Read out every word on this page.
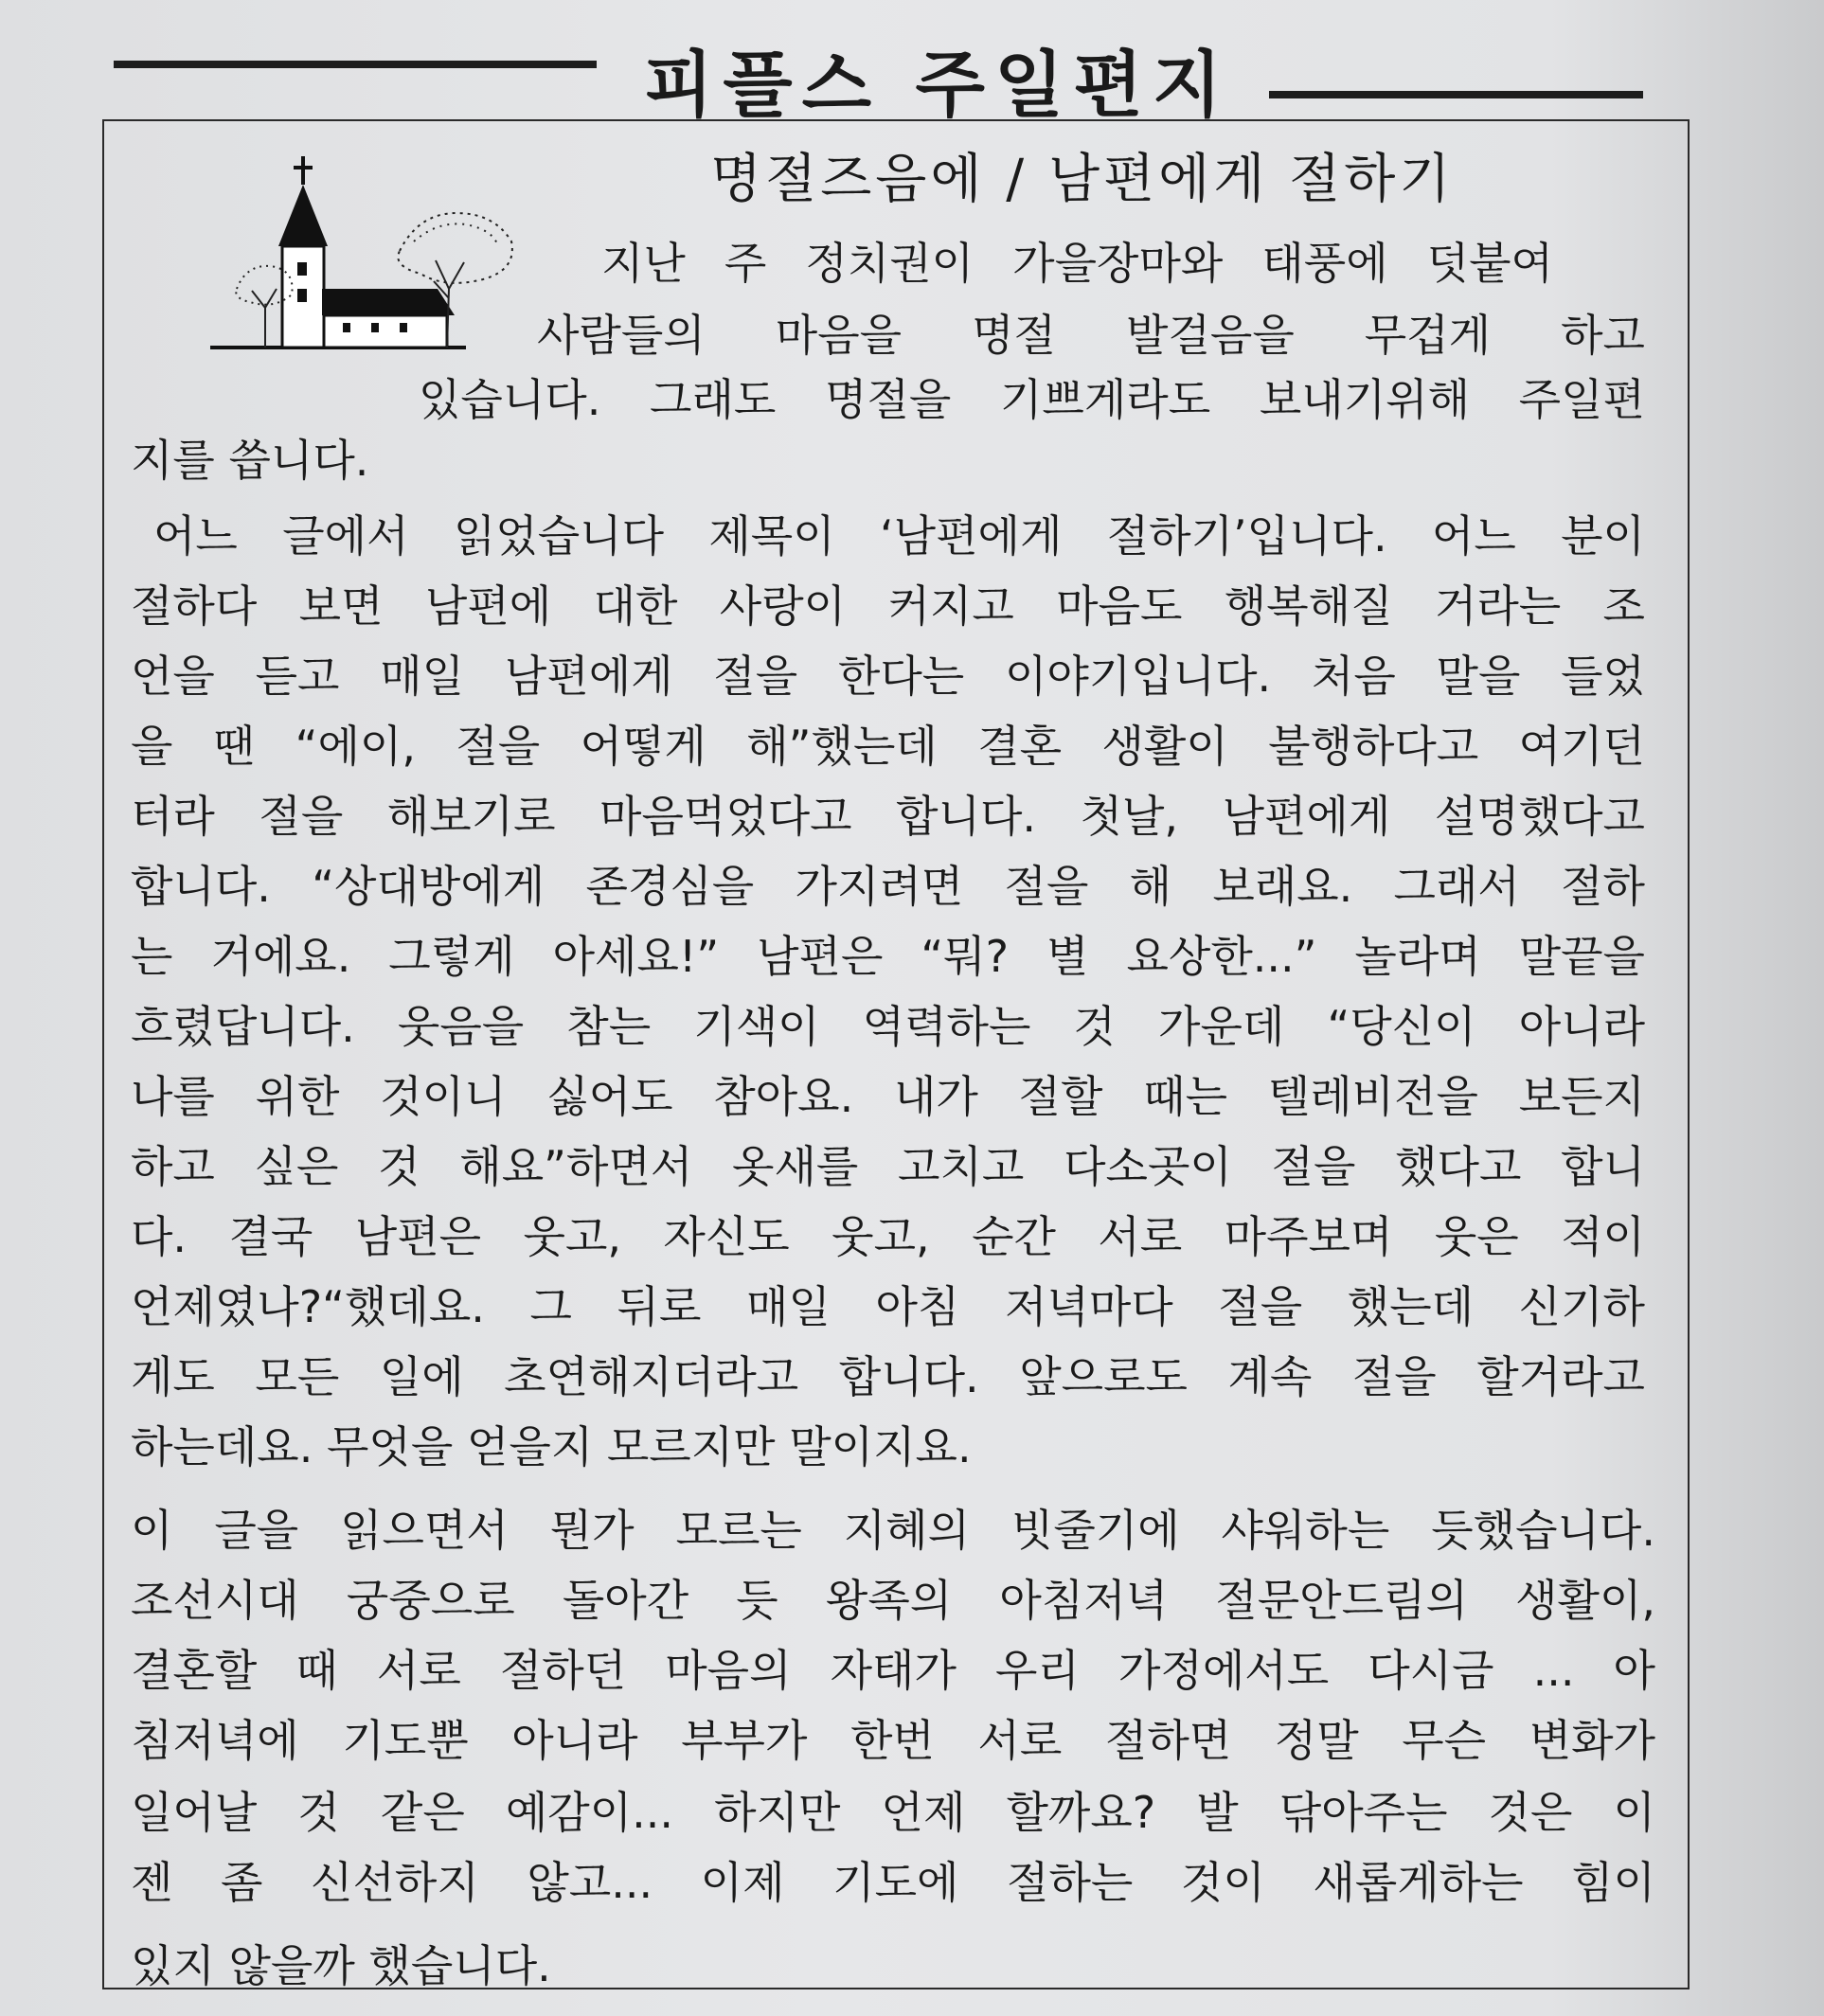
피플스 주일편지
명절즈음에 / 남편에게 절하기
지난 주 정치권이 가을장마와 태풍에 덧붙여
사람들의 마음을 명절 발걸음을 무겁게 하고
있습니다. 그래도 명절을 기쁘게라도 보내기위해 주일편
지를 씁니다.
어느 글에서 읽었습니다 제목이 ‘남편에게 절하기’입니다. 어느 분이
절하다 보면 남편에 대한 사랑이 커지고 마음도 행복해질 거라는 조
언을 듣고 매일 남편에게 절을 한다는 이야기입니다. 처음 말을 들었
을 땐 “에이, 절을 어떻게 해”했는데 결혼 생활이 불행하다고 여기던
터라 절을 해보기로 마음먹었다고 합니다. 첫날, 남편에게 설명했다고
합니다. “상대방에게 존경심을 가지려면 절을 해 보래요. 그래서 절하
는 거에요. 그렇게 아세요!” 남편은 “뭐? 별 요상한...” 놀라며 말끝을
흐렸답니다. 웃음을 참는 기색이 역력하는 것 가운데 “당신이 아니라
나를 위한 것이니 싫어도 참아요. 내가 절할 때는 텔레비전을 보든지
하고 싶은 것 해요”하면서 옷새를 고치고 다소곳이 절을 했다고 합니
다. 결국 남편은 웃고, 자신도 웃고, 순간 서로 마주보며 웃은 적이
언제였나?“했데요. 그 뒤로 매일 아침 저녁마다 절을 했는데 신기하
게도 모든 일에 초연해지더라고 합니다. 앞으로도 계속 절을 할거라고
하는데요. 무엇을 얻을지 모르지만 말이지요.
이 글을 읽으면서 뭔가 모르는 지혜의 빗줄기에 샤워하는 듯했습니다.
조선시대 궁중으로 돌아간 듯 왕족의 아침저녁 절문안드림의 생활이,
결혼할 때 서로 절하던 마음의 자태가 우리 가정에서도 다시금 ... 아
침저녁에 기도뿐 아니라 부부가 한번 서로 절하면 정말 무슨 변화가
일어날 것 같은 예감이... 하지만 언제 할까요? 발 닦아주는 것은 이
젠 좀 신선하지 않고... 이제 기도에 절하는 것이 새롭게하는 힘이
있지 않을까 했습니다.
